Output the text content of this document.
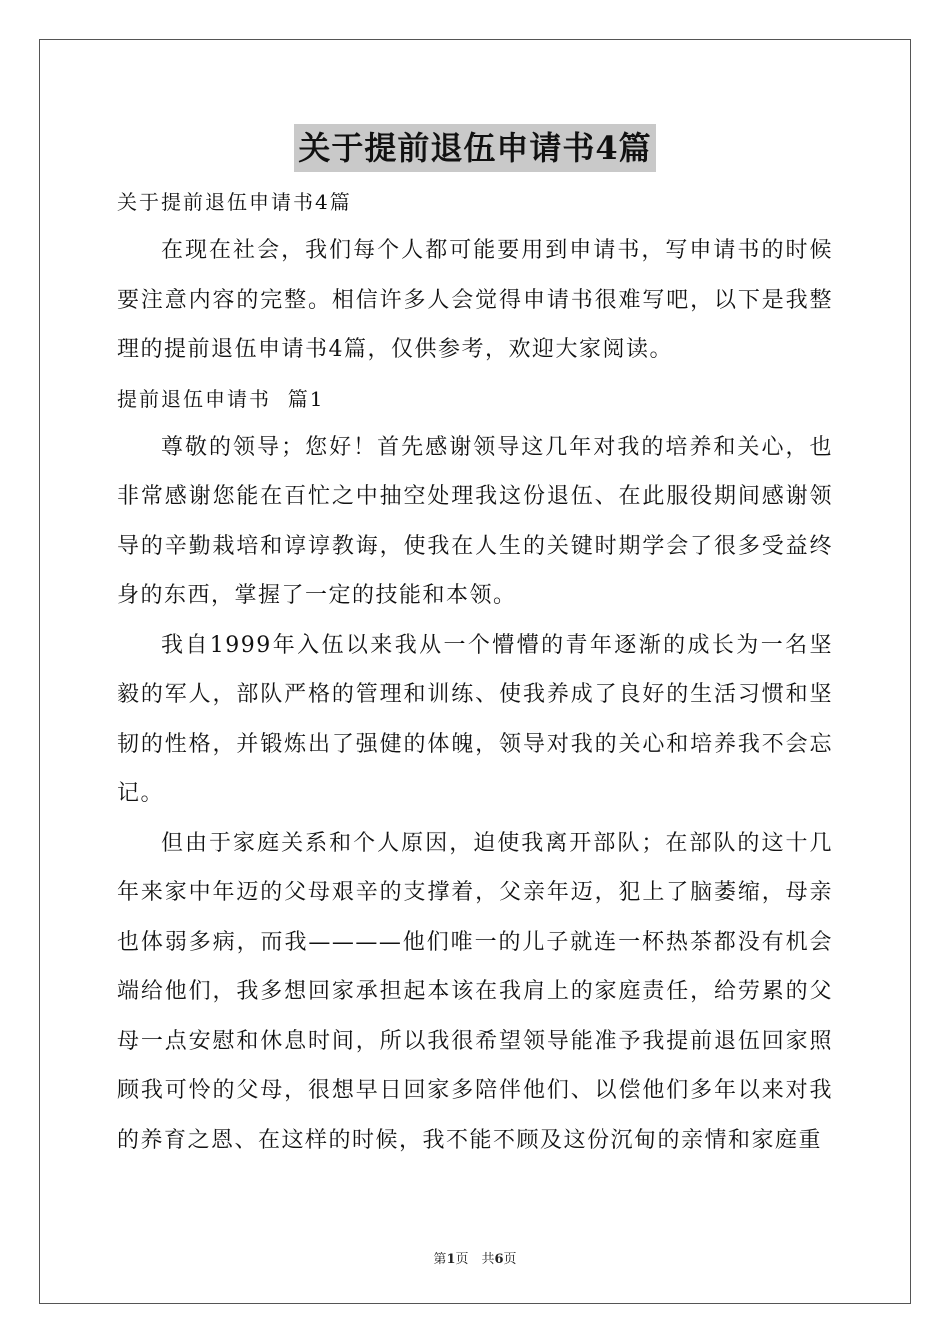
关于提前退伍申请书4篇
关于提前退伍申请书4篇

在现在社会，我们每个人都可能要用到申请书，写申请书的时候要注意内容的完整。相信许多人会觉得申请书很难写吧，以下是我整理的提前退伍申请书4篇，仅供参考，欢迎大家阅读。

提前退伍申请书  篇1

尊敬的领导；您好！首先感谢领导这几年对我的培养和关心，也非常感谢您能在百忙之中抽空处理我这份退伍、在此服役期间感谢领导的辛勤栽培和谆谆教诲，使我在人生的关键时期学会了很多受益终身的东西，掌握了一定的技能和本领。

我自1999年入伍以来我从一个懵懵的青年逐渐的成长为一名坚毅的军人，部队严格的管理和训练、使我养成了良好的生活习惯和坚韧的性格，并锻炼出了强健的体魄，领导对我的关心和培养我不会忘记。

但由于家庭关系和个人原因，迫使我离开部队；在部队的这十几年来家中年迈的父母艰辛的支撑着，父亲年迈，犯上了脑萎缩，母亲也体弱多病，而我————他们唯一的儿子就连一杯热茶都没有机会端给他们，我多想回家承担起本该在我肩上的家庭责任，给劳累的父母一点安慰和休息时间，所以我很希望领导能准予我提前退伍回家照顾我可怜的父母，很想早日回家多陪伴他们、以偿他们多年以来对我的养育之恩、在这样的时候，我不能不顾及这份沉甸的亲情和家庭重

第1页　共6页
